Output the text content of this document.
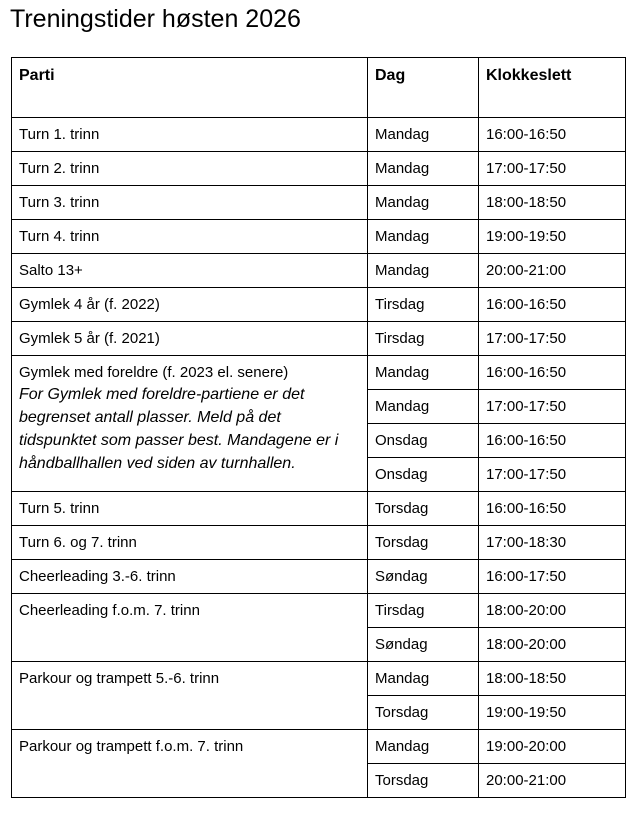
Treningstider høsten 2026
Parti	Dag	Klokkeslett
Turn 1. trinn	Mandag	16:00-16:50
Turn 2. trinn	Mandag	17:00-17:50
Turn 3. trinn	Mandag	18:00-18:50
Turn 4. trinn	Mandag	19:00-19:50
Salto 13+	Mandag	20:00-21:00
Gymlek 4 år (f. 2022)	Tirsdag	16:00-16:50
Gymlek 5 år (f. 2021)	Tirsdag	17:00-17:50
Gymlek med foreldre (f. 2023 el. senere)
For Gymlek med foreldre-partiene er det begrenset antall plasser. Meld på det tidspunktet som passer best. Mandagene er i håndballhallen ved siden av turnhallen.	Mandag	16:00-16:50
	Mandag	17:00-17:50
	Onsdag	16:00-16:50
	Onsdag	17:00-17:50
Turn 5. trinn	Torsdag	16:00-16:50
Turn 6. og 7. trinn	Torsdag	17:00-18:30
Cheerleading 3.-6. trinn	Søndag	16:00-17:50
Cheerleading f.o.m. 7. trinn	Tirsdag	18:00-20:00
	Søndag	18:00-20:00
Parkour og trampett 5.-6. trinn	Mandag	18:00-18:50
	Torsdag	19:00-19:50
Parkour og trampett f.o.m. 7. trinn	Mandag	19:00-20:00
	Torsdag	20:00-21:00
